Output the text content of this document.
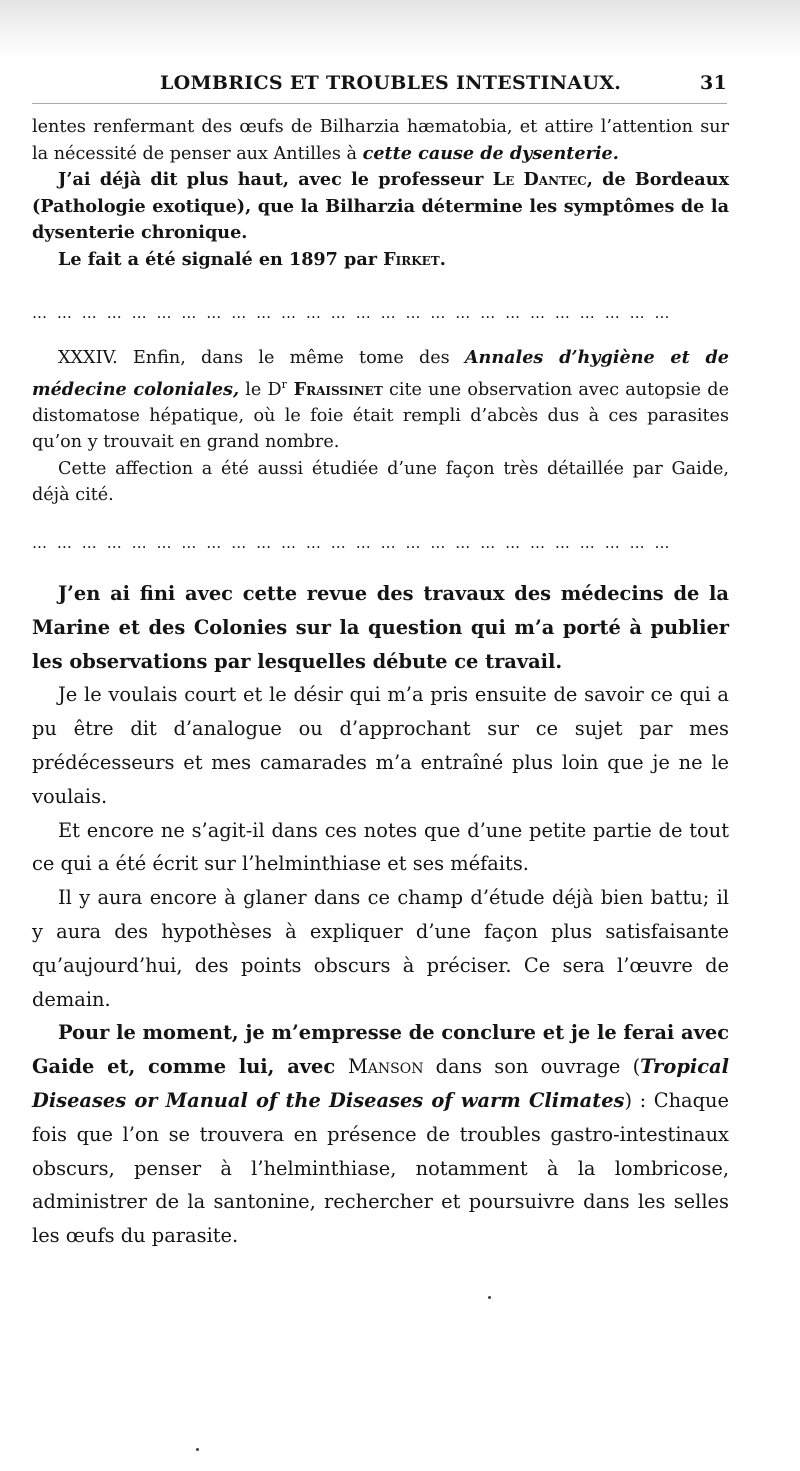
LOMBRICS ET TROUBLES INTESTINAUX.	31

lentes renfermant des œufs de Bilharzia hæmatobia, et attire l’attention sur la nécessité de penser aux Antilles à cette cause de dysenterie.

J’ai déjà dit plus haut, avec le professeur Le Dantec, de Bordeaux (Pathologie exotique), que la Bilharzia détermine les symptômes de la dysenterie chronique.

Le fait a été signalé en 1897 par Firket.

……………………………………………………………………

XXXIV. Enfin, dans le même tome des Annales d’hygiène et de médecine coloniales, le $D^r$ Fraissinet cite une observation avec autopsie de distomatose hépatique, où le foie était rempli d’abcès dus à ces parasites qu’on y trouvait en grand nombre.

Cette affection a été aussi étudiée d’une façon très détaillée par Gaide, déjà cité.

……………………………………………………………………

J’en ai fini avec cette revue des travaux des médecins de la Marine et des Colonies sur la question qui m’a porté à publier les observations par lesquelles débute ce travail.

Je le voulais court et le désir qui m’a pris ensuite de savoir ce qui a pu être dit d’analogue ou d’approchant sur ce sujet par mes prédécesseurs et mes camarades m’a entraîné plus loin que je ne le voulais.

Et encore ne s’agit-il dans ces notes que d’une petite partie de tout ce qui a été écrit sur l’helminthiase et ses méfaits.

Il y aura encore à glaner dans ce champ d’étude déjà bien battu; il y aura des hypothèses à expliquer d’une façon plus satisfaisante qu’aujourd’hui, des points obscurs à préciser. Ce sera l’œuvre de demain.

Pour le moment, je m’empresse de conclure et je le ferai avec Gaide et, comme lui, avec Manson dans son ouvrage (Tropical Diseases or Manual of the Diseases of warm Climates) : Chaque fois que l’on se trouvera en présence de troubles gastro-intestinaux obscurs, penser à l’helminthiase, notamment à la lombricose, administrer de la santonine, rechercher et poursuivre dans les selles les œufs du parasite.
